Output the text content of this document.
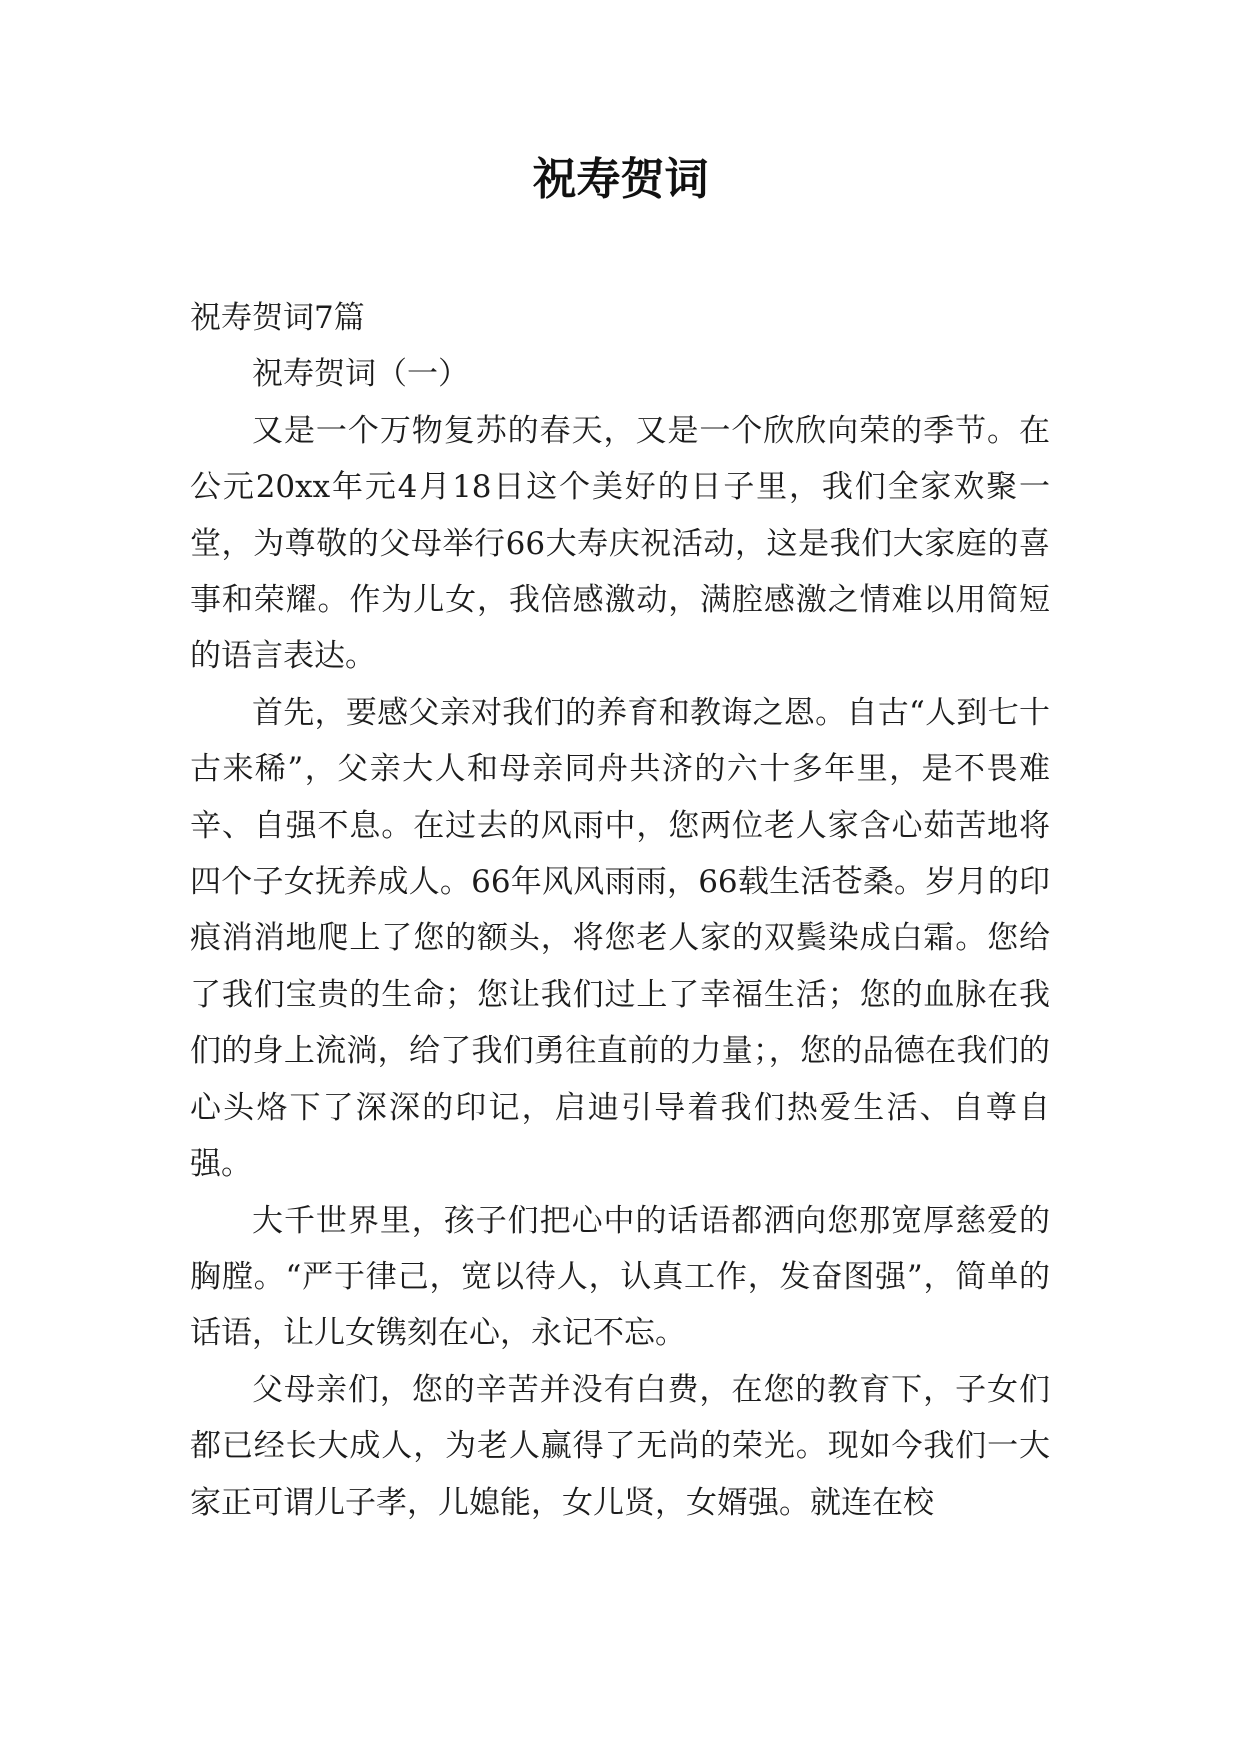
祝寿贺词

祝寿贺词7篇

祝寿贺词（一）

又是一个万物复苏的春天，又是一个欣欣向荣的季节。在公元20xx年元4月18日这个美好的日子里，我们全家欢聚一堂，为尊敬的父母举行66大寿庆祝活动，这是我们大家庭的喜事和荣耀。作为儿女，我倍感激动，满腔感激之情难以用简短的语言表达。

首先，要感父亲对我们的养育和教诲之恩。自古“人到七十古来稀”，父亲大人和母亲同舟共济的六十多年里，是不畏难辛、自强不息。在过去的风雨中，您两位老人家含心茹苦地将四个子女抚养成人。66年风风雨雨，66载生活苍桑。岁月的印痕消消地爬上了您的额头，将您老人家的双鬓染成白霜。您给了我们宝贵的生命；您让我们过上了幸福生活；您的血脉在我们的身上流淌，给了我们勇往直前的力量；，您的品德在我们的心头烙下了深深的印记，启迪引导着我们热爱生活、自尊自强。

大千世界里，孩子们把心中的话语都洒向您那宽厚慈爱的胸膛。“严于律己，宽以待人，认真工作，发奋图强”，简单的话语，让儿女镌刻在心，永记不忘。

父母亲们，您的辛苦并没有白费，在您的教育下，子女们都已经长大成人，为老人赢得了无尚的荣光。现如今我们一大家正可谓儿子孝，儿媳能，女儿贤，女婿强。就连在校
